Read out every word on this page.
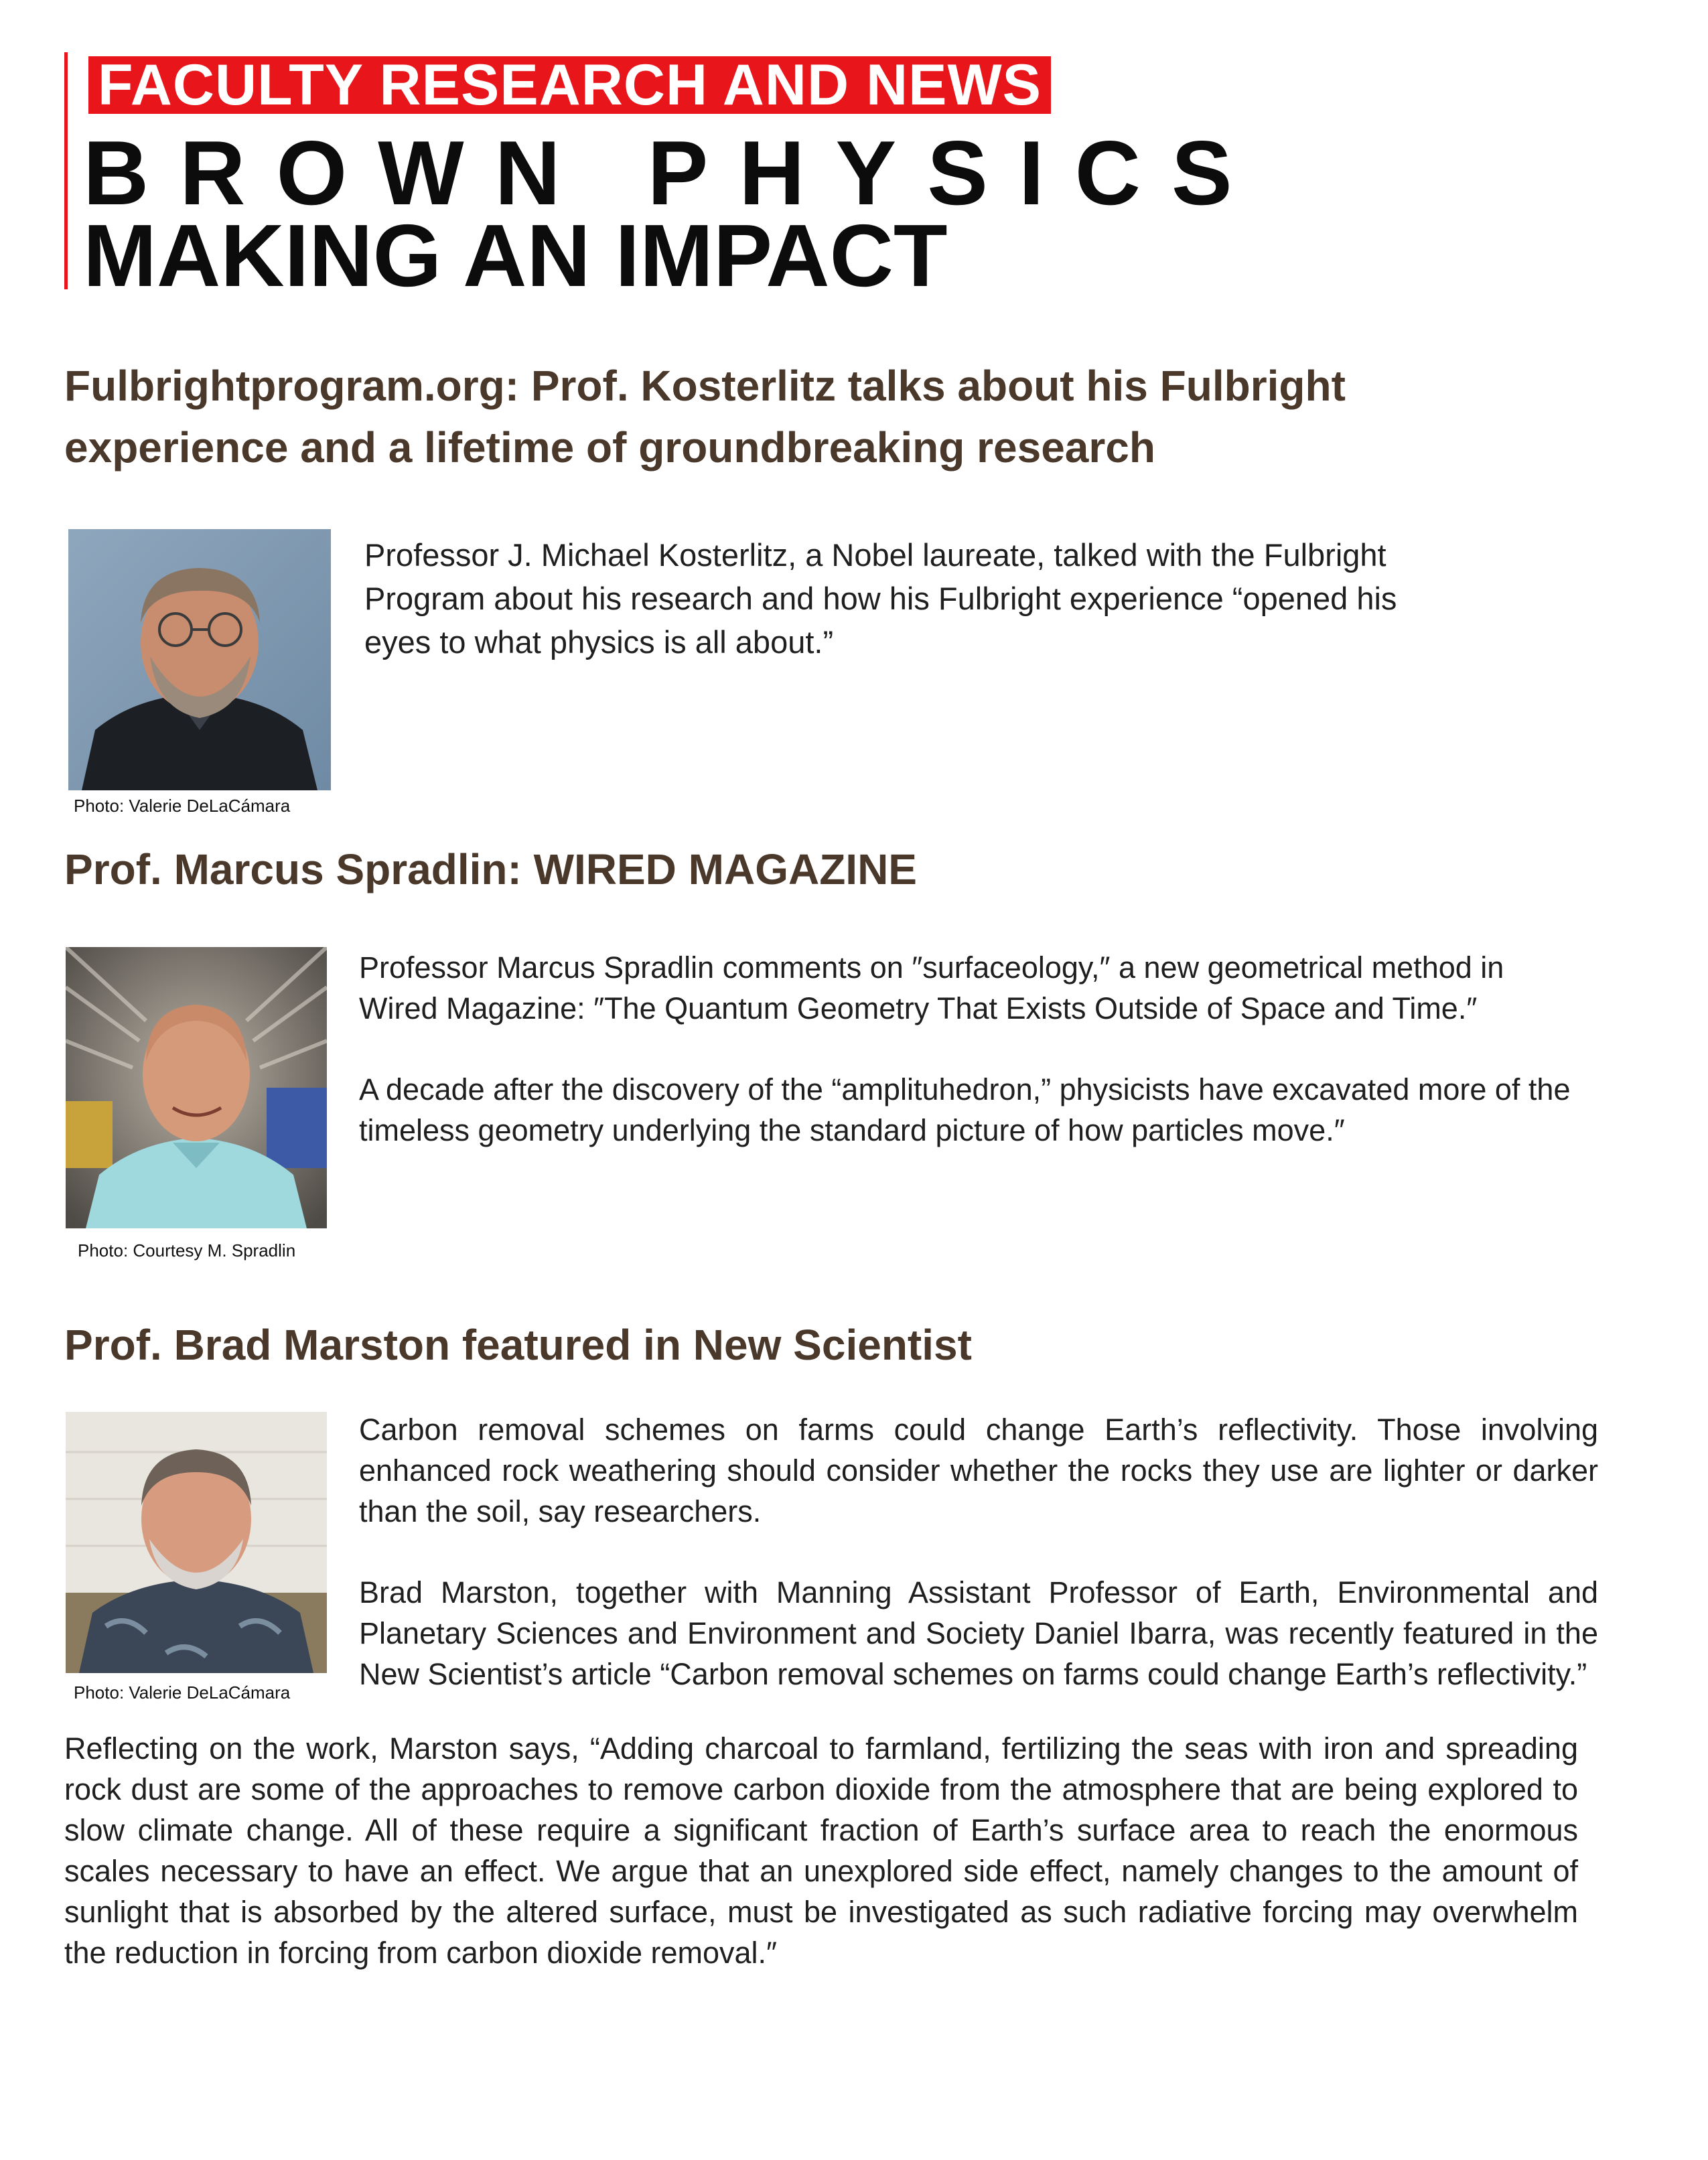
FACULTY RESEARCH AND NEWS
BROWN PHYSICS
MAKING AN IMPACT
Fulbrightprogram.org: Prof. Kosterlitz talks about his Fulbright experience and a lifetime of groundbreaking research
Photo: Valerie DeLaCámara

Professor J. Michael Kosterlitz, a Nobel laureate, talked with the Fulbright Program about his research and how his Fulbright experience “opened his eyes to what physics is all about.”

Prof. Marcus Spradlin: WIRED MAGAZINE
Photo: Courtesy M. Spradlin

Professor Marcus Spradlin comments on ″surfaceology,″ a new geometrical method in Wired Magazine: ″The Quantum Geometry That Exists Outside of Space and Time.″

A decade after the discovery of the “amplituhedron,” physicists have excavated more of the timeless geometry underlying the standard picture of how particles move.″

Prof. Brad Marston featured in New Scientist
Photo: Valerie DeLaCámara

Carbon removal schemes on farms could change Earth’s reflectivity. Those involving enhanced rock weathering should consider whether the rocks they use are lighter or darker than the soil, say researchers.

Brad Marston, together with Manning Assistant Professor of Earth, Environmental and Planetary Sciences and Environment and Society Daniel Ibarra, was recently featured in the New Scientist’s article “Carbon removal schemes on farms could change Earth’s reflectivity.”

Reflecting on the work, Marston says, “Adding charcoal to farmland, fertilizing the seas with iron and spreading rock dust are some of the approaches to remove carbon dioxide from the atmosphere that are being explored to slow climate change. All of these require a significant fraction of Earth’s surface area to reach the enormous scales necessary to have an effect. We argue that an unexplored side effect, namely changes to the amount of sunlight that is absorbed by the altered surface, must be investigated as such radiative forcing may overwhelm the reduction in forcing from carbon dioxide removal.″
